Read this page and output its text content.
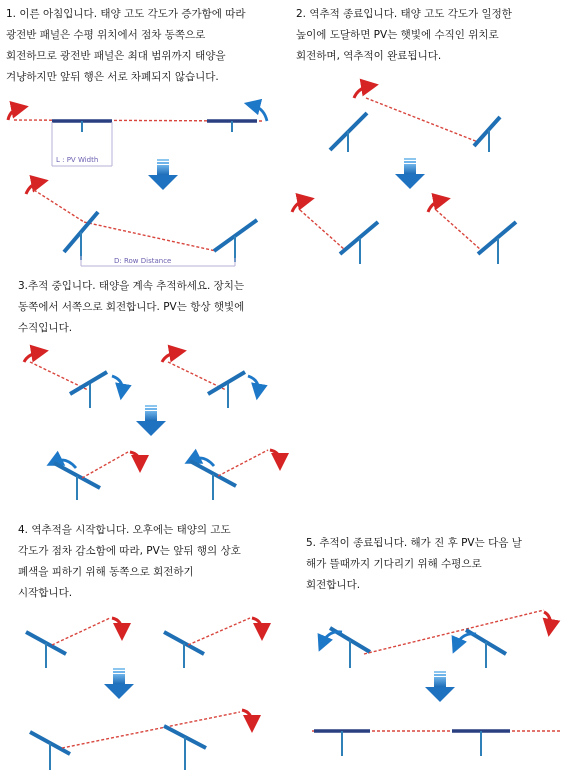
1. 이른 아침입니다. 태양 고도 각도가 증가함에 따라
광전반 패널은 수평 위치에서 점차 동쪽으로
회전하므로 광전반 패널은 최대 범위까지 태양을
겨냥하지만 앞뒤 행은 서로 차폐되지 않습니다.

2. 역추적 종료입니다. 태양 고도 각도가 일정한
높이에 도달하면 PV는 햇빛에 수직인 위치로
회전하며, 역추적이 완료됩니다.

3.추적 중입니다. 태양을 계속 추적하세요. 장치는
동쪽에서 서쪽으로 회전합니다. PV는 항상 햇빛에
수직입니다.

4. 역추적을 시작합니다. 오후에는 태양의 고도
각도가 점차 감소함에 따라, PV는 앞뒤 행의 상호
폐색을 피하기 위해 동쪽으로 회전하기
시작합니다.

5. 추적이 종료됩니다. 해가 진 후 PV는 다음 날
해가 뜰때까지 기다리기 위해 수평으로
회전합니다.

L : PV Width
D: Row Distance
